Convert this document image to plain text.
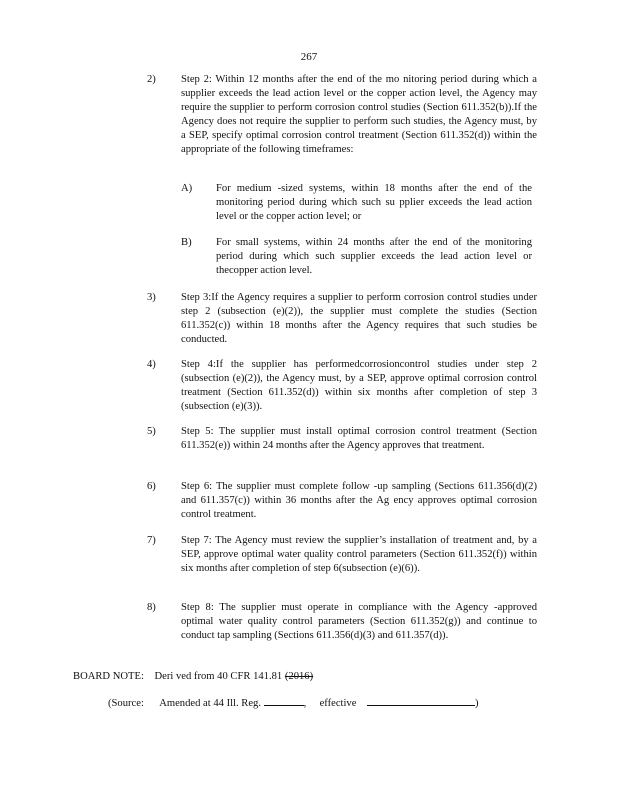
267
2) Step 2: Within 12 months after the end of the mo nitoring period during which a supplier exceeds the lead action level or the copper action level, the Agency may require the supplier to perform corrosion control studies (Section 611.352(b)).If the Agency does not require the supplier to perform such studies, the Agency must, by a SEP, specify optimal corrosion control treatment (Section 611.352(d)) within the appropriate of the following timeframes:
A) For medium -sized systems, within 18 months after the end of the monitoring period during which such su pplier exceeds the lead action level or the copper action level; or
B) For small systems, within 24 months after the end of the monitoring period during which such supplier exceeds the lead action level or thecopper action level.
3) Step 3:If the Agency requires a supplier to perform corrosion control studies under step 2 (subsection (e)(2)), the supplier must complete the studies (Section 611.352(c)) within 18 months after the Agency requires that such studies be conducted.
4) Step 4:If the supplier has performedcorrosioncontrol studies under step 2 (subsection (e)(2)), the Agency must, by a SEP, approve optimal corrosion control treatment (Section 611.352(d)) within six months after completion of step 3 (subsection (e)(3)).
5) Step 5: The supplier must install optimal corrosion control treatment (Section 611.352(e)) within 24 months after the Agency approves that treatment.
6) Step 6: The supplier must complete follow -up sampling (Sections 611.356(d)(2) and 611.357(c)) within 36 months after the Ag ency approves optimal corrosion control treatment.
7) Step 7: The Agency must review the supplier’s installation of treatment and, by a SEP, approve optimal water quality control parameters (Section 611.352(f)) within six months after completion of step 6(subsection (e)(6)).
8) Step 8: The supplier must operate in compliance with the Agency -approved optimal water quality control parameters (Section 611.352(g)) and continue to conduct tap sampling (Sections 611.356(d)(3) and 611.357(d)).
BOARD NOTE: Deri ved from 40 CFR 141.81 (2016)
(Source: Amended at 44 Ill. Reg.	, effective	)
